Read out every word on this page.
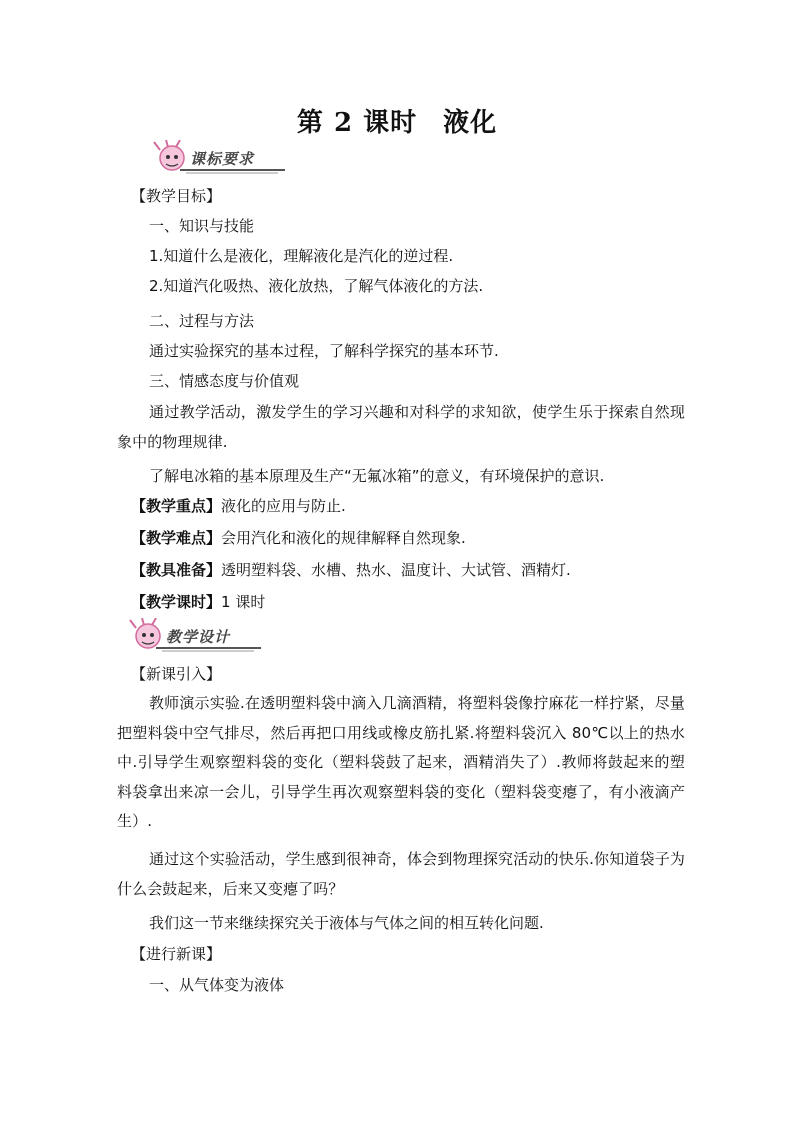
第 2 课时 液化
课标要求
【教学目标】
一、知识与技能
1.知道什么是液化，理解液化是汽化的逆过程.
2.知道汽化吸热、液化放热，了解气体液化的方法.
二、过程与方法
通过实验探究的基本过程，了解科学探究的基本环节.
三、情感态度与价值观
通过教学活动，激发学生的学习兴趣和对科学的求知欲，使学生乐于探索自然现象中的物理规律.
了解电冰箱的基本原理及生产“无氟冰箱”的意义，有环境保护的意识.
【教学重点】液化的应用与防止.
【教学难点】会用汽化和液化的规律解释自然现象.
【教具准备】透明塑料袋、水槽、热水、温度计、大试管、酒精灯.
【教学课时】1 课时
教学设计
【新课引入】
教师演示实验.在透明塑料袋中滴入几滴酒精，将塑料袋像拧麻花一样拧紧，尽量把塑料袋中空气排尽，然后再把口用线或橡皮筋扎紧.将塑料袋沉入 80℃以上的热水中.引导学生观察塑料袋的变化（塑料袋鼓了起来，酒精消失了）.教师将鼓起来的塑料袋拿出来凉一会儿，引导学生再次观察塑料袋的变化（塑料袋变瘪了，有小液滴产生）.
通过这个实验活动，学生感到很神奇，体会到物理探究活动的快乐.你知道袋子为什么会鼓起来，后来又变瘪了吗？
我们这一节来继续探究关于液体与气体之间的相互转化问题.
【进行新课】
一、从气体变为液体
